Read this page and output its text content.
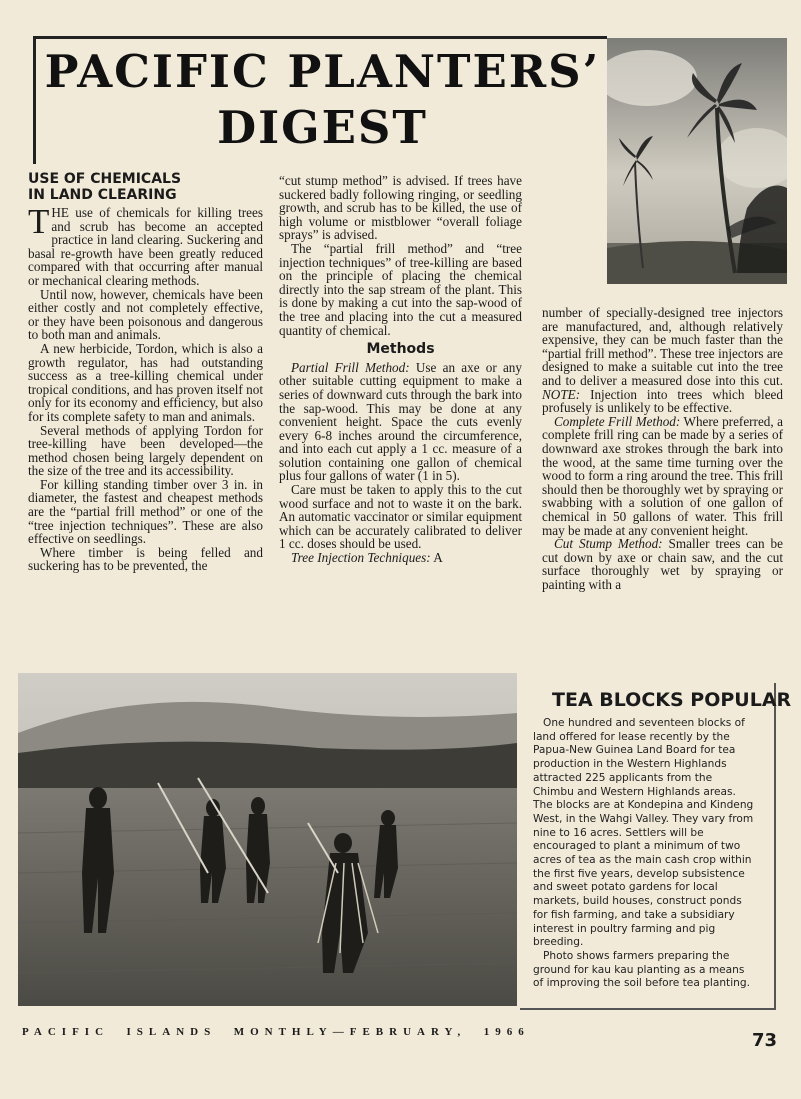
PACIFIC PLANTERS’
DIGEST
USE OF CHEMICALS
IN LAND CLEARING

THE use of chemicals for killing trees and scrub has become an accepted practice in land clearing. Suckering and basal re-growth have been greatly reduced compared with that occurring after manual or mechanical clearing methods.

Until now, however, chemicals have been either costly and not completely effective, or they have been poisonous and dangerous to both man and animals.

A new herbicide, Tordon, which is also a growth regulator, has had outstanding success as a tree-killing chemical under tropical conditions, and has proven itself not only for its economy and efficiency, but also for its complete safety to man and animals.

Several methods of applying Tordon for tree-killing have been developed—the method chosen being largely dependent on the size of the tree and its accessibility.

For killing standing timber over 3 in. in diameter, the fastest and cheapest methods are the “partial frill method” or one of the “tree injection techniques”. These are also effective on seedlings.

Where timber is being felled and suckering has to be prevented, the

“cut stump method” is advised. If trees have suckered badly following ringing, or seedling growth, and scrub has to be killed, the use of high volume or mistblower “overall foliage sprays” is advised.

The “partial frill method” and “tree injection techniques” of tree-killing are based on the principle of placing the chemical directly into the sap stream of the plant. This is done by making a cut into the sap-wood of the tree and placing into the cut a measured quantity of chemical.

Methods

Partial Frill Method: Use an axe or any other suitable cutting equipment to make a series of downward cuts through the bark into the sap-wood. This may be done at any convenient height. Space the cuts evenly every 6-8 inches around the circumference, and into each cut apply a 1 cc. measure of a solution containing one gallon of chemical plus four gallons of water (1 in 5).

Care must be taken to apply this to the cut wood surface and not to waste it on the bark. An automatic vaccinator or similar equipment which can be accurately calibrated to deliver 1 cc. doses should be used.

Tree Injection Techniques: A

number of specially-designed tree injectors are manufactured, and, although relatively expensive, they can be much faster than the “partial frill method”. These tree injectors are designed to make a suitable cut into the tree and to deliver a measured dose into this cut. NOTE: Injection into trees which bleed profusely is unlikely to be effective.

Complete Frill Method: Where preferred, a complete frill ring can be made by a series of downward axe strokes through the bark into the wood, at the same time turning over the wood to form a ring around the tree. This frill should then be thoroughly wet by spraying or swabbing with a solution of one gallon of chemical in 50 gallons of water. This frill may be made at any convenient height.

Cut Stump Method: Smaller trees can be cut down by axe or chain saw, and the cut surface thoroughly wet by spraying or painting with a

TEA BLOCKS POPULAR

One hundred and seventeen blocks of land offered for lease recently by the Papua-New Guinea Land Board for tea production in the Western Highlands attracted 225 applicants from the Chimbu and Western Highlands areas. The blocks are at Kondepina and Kindeng West, in the Wahgi Valley. They vary from nine to 16 acres. Settlers will be encouraged to plant a minimum of two acres of tea as the main cash crop within the first five years, develop subsistence and sweet potato gardens for local markets, build houses, construct ponds for fish farming, and take a subsidiary interest in poultry farming and pig breeding.

Photo shows farmers preparing the ground for kau kau planting as a means of improving the soil before tea planting.

PACIFIC  ISLANDS  MONTHLY—FEBRUARY,  1966	73
